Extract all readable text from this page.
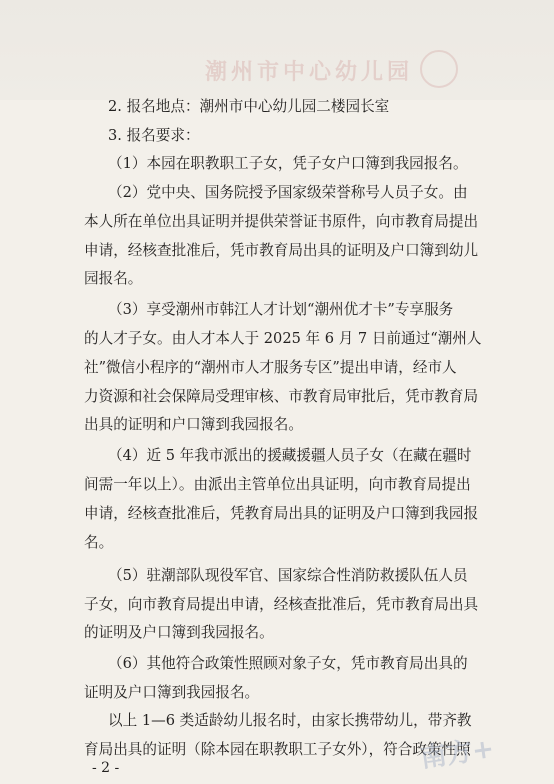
潮州市中心幼儿园
2. 报名地点：潮州市中心幼儿园二楼园长室
3. 报名要求：
（1）本园在职教职工子女，凭子女户口簿到我园报名。
（2）党中央、国务院授予国家级荣誉称号人员子女。由
本人所在单位出具证明并提供荣誉证书原件，向市教育局提出
申请，经核查批准后，凭市教育局出具的证明及户口簿到幼儿
园报名。
（3）享受潮州市韩江人才计划“潮州优才卡”专享服务
的人才子女。由人才本人于 2025 年 6 月 7 日前通过“潮州人
社”微信小程序的“潮州市人才服务专区”提出申请，经市人
力资源和社会保障局受理审核、市教育局审批后，凭市教育局
出具的证明和户口簿到我园报名。
（4）近 5 年我市派出的援藏援疆人员子女（在藏在疆时
间需一年以上）。由派出主管单位出具证明，向市教育局提出
申请，经核查批准后，凭教育局出具的证明及户口簿到我园报
名。
（5）驻潮部队现役军官、国家综合性消防救援队伍人员
子女，向市教育局提出申请，经核查批准后，凭市教育局出具
的证明及户口簿到我园报名。
（6）其他符合政策性照顾对象子女，凭市教育局出具的
证明及户口簿到我园报名。
以上 1—6 类适龄幼儿报名时，由家长携带幼儿，带齐教
育局出具的证明（除本园在职教职工子女外），符合政策性照
- 2 -	南方+
